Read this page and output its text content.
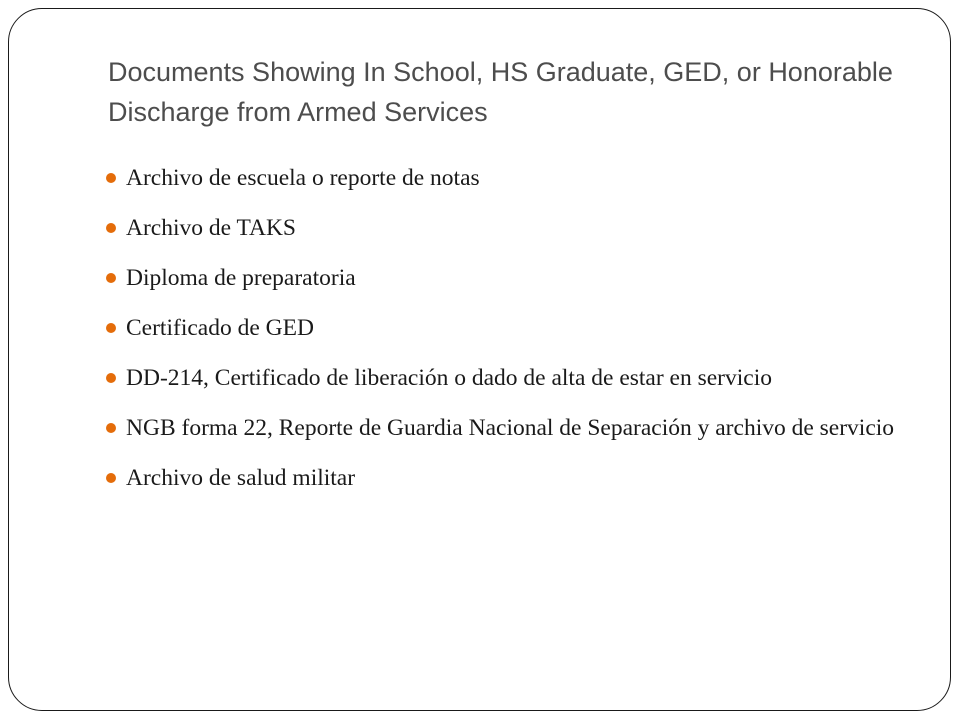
Documents Showing In School, HS Graduate, GED, or Honorable Discharge from Armed Services
Archivo de escuela o reporte de notas
Archivo de TAKS
Diploma de preparatoria
Certificado de GED
DD-214, Certificado de liberación o dado de alta de estar en servicio
NGB forma 22, Reporte de Guardia Nacional de Separación y archivo de servicio
Archivo de salud militar
